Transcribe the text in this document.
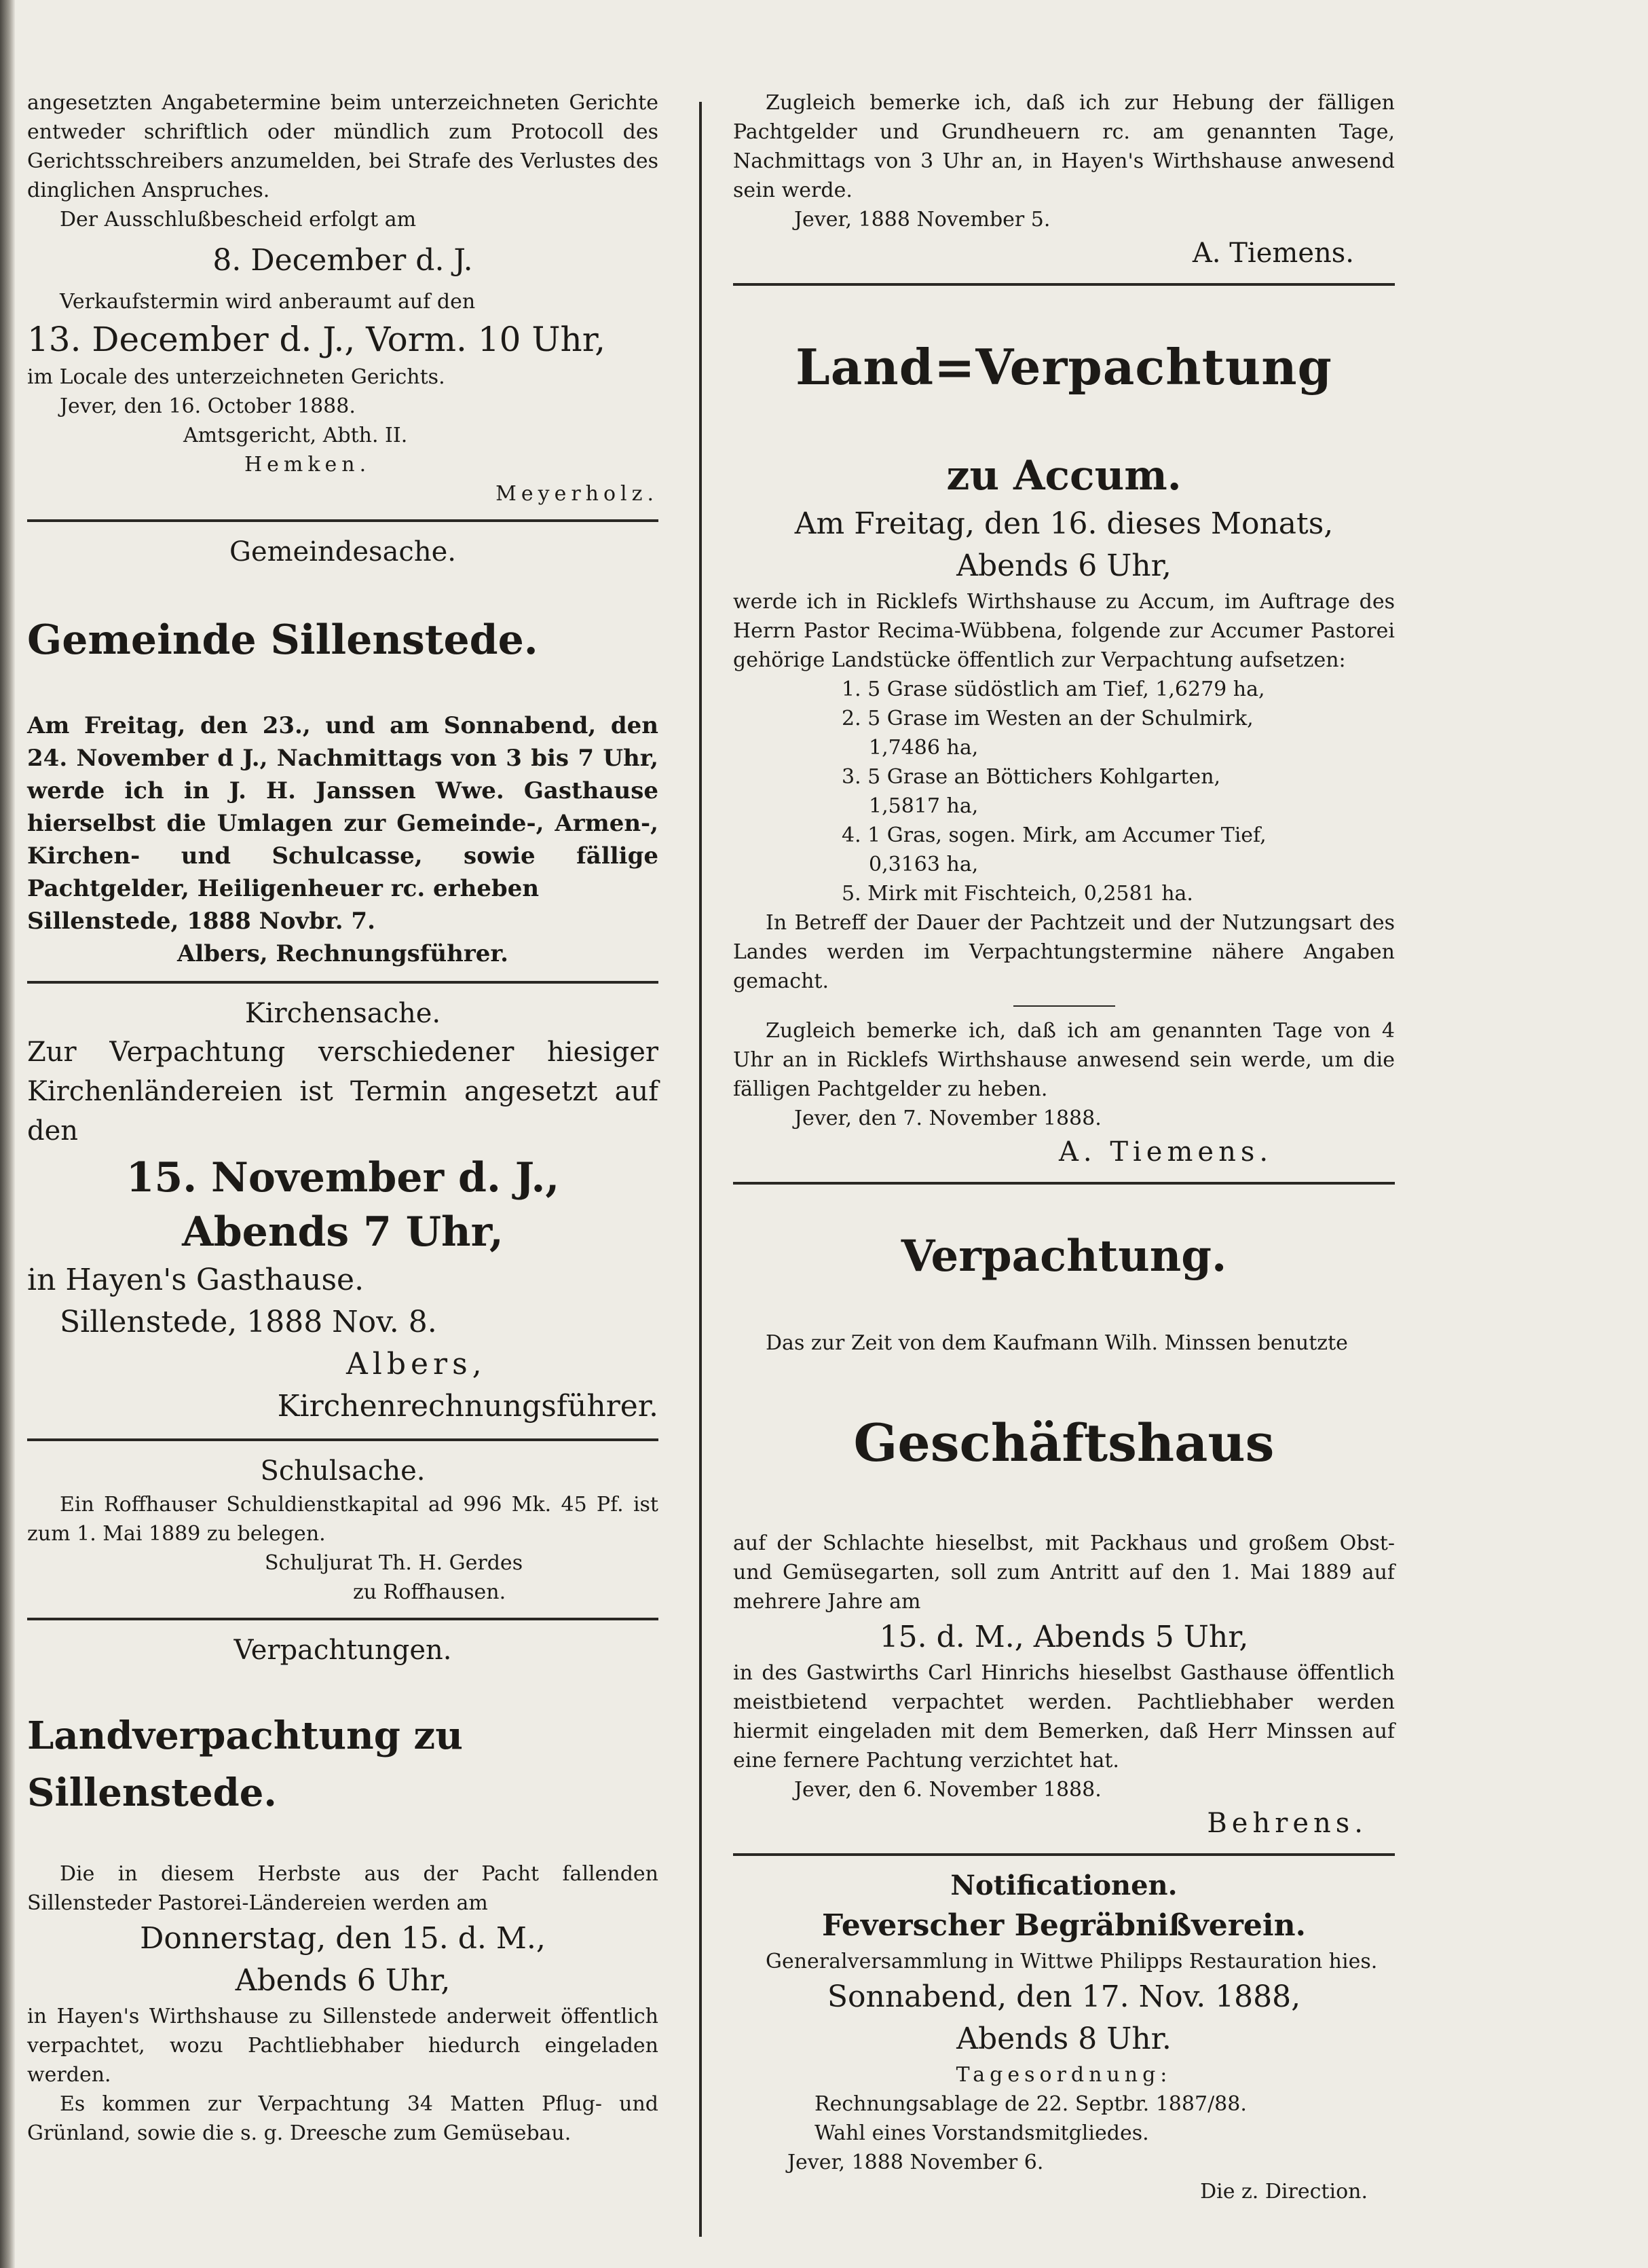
angesetzten Angabetermine beim unterzeichneten Gerichte entweder schriftlich oder mündlich zum Protocoll des Gerichtsschreibers anzumelden, bei Strafe des Verlustes des dinglichen Anspruches.

Der Ausschlußbescheid erfolgt am

8. December d. J.

Verkaufstermin wird anberaumt auf den

13. December d. J., Vorm. 10 Uhr,

im Locale des unterzeichneten Gerichts.

Jever, den 16. October 1888.

Amtsgericht, Abth. II.

Hemken.

Meyerholz.

Gemeindesache.

Gemeinde Sillenstede.

Am Freitag, den 23., und am Sonnabend, den 24. November d J., Nachmittags von 3 bis 7 Uhr, werde ich in J. H. Janssen Wwe. Gasthause hierselbst die Umlagen zur Gemeinde-, Armen-, Kirchen- und Schulcasse, sowie fällige Pachtgelder, Heiligenheuer rc. erheben

Sillenstede, 1888 Novbr. 7.

Albers, Rechnungsführer.

Kirchensache.

Zur Verpachtung verschiedener hiesiger Kirchenländereien ist Termin angesetzt auf den

15. November d. J.,

Abends 7 Uhr,

in Hayen's Gasthause.

Sillenstede, 1888 Nov. 8.

Albers,

Kirchenrechnungsführer.

Schulsache.

Ein Roffhauser Schuldienstkapital ad 996 Mk. 45 Pf. ist zum 1. Mai 1889 zu belegen.

Schuljurat Th. H. Gerdes

zu Roffhausen.

Verpachtungen.

Landverpachtung zu Sillenstede.

Die in diesem Herbste aus der Pacht fallenden Sillensteder Pastorei-Ländereien werden am

Donnerstag, den 15. d. M.,

Abends 6 Uhr,

in Hayen's Wirthshause zu Sillenstede anderweit öffentlich verpachtet, wozu Pachtliebhaber hiedurch eingeladen werden.

Es kommen zur Verpachtung 34 Matten Pflug- und Grünland, sowie die s. g. Dreesche zum Gemüsebau.

Zugleich bemerke ich, daß ich zur Hebung der fälligen Pachtgelder und Grundheuern rc. am genannten Tage, Nachmittags von 3 Uhr an, in Hayen's Wirthshause anwesend sein werde.

Jever, 1888 November 5.

A. Tiemens.

Land=Verpachtung

zu Accum.

Am Freitag, den 16. dieses Monats,

Abends 6 Uhr,

werde ich in Ricklefs Wirthshause zu Accum, im Auftrage des Herrn Pastor Recima-Wübbena, folgende zur Accumer Pastorei gehörige Landstücke öffentlich zur Verpachtung aufsetzen:

1. 5 Grase südöstlich am Tief, 1,6279 ha,

2. 5 Grase im Westen an der Schulmirk,

1,7486 ha,

3. 5 Grase an Böttichers Kohlgarten,

1,5817 ha,

4. 1 Gras, sogen. Mirk, am Accumer Tief,

0,3163 ha,

5. Mirk mit Fischteich, 0,2581 ha.

In Betreff der Dauer der Pachtzeit und der Nutzungsart des Landes werden im Verpachtungstermine nähere Angaben gemacht.

Zugleich bemerke ich, daß ich am genannten Tage von 4 Uhr an in Ricklefs Wirthshause anwesend sein werde, um die fälligen Pachtgelder zu heben.

Jever, den 7. November 1888.

A. Tiemens.

Verpachtung.

Das zur Zeit von dem Kaufmann Wilh. Minssen benutzte

Geschäftshaus

auf der Schlachte hieselbst, mit Packhaus und großem Obst- und Gemüsegarten, soll zum Antritt auf den 1. Mai 1889 auf mehrere Jahre am

15. d. M., Abends 5 Uhr,

in des Gastwirths Carl Hinrichs hieselbst Gasthause öffentlich meistbietend verpachtet werden. Pachtliebhaber werden hiermit eingeladen mit dem Bemerken, daß Herr Minssen auf eine fernere Pachtung verzichtet hat.

Jever, den 6. November 1888.

Behrens.

Notificationen.

Feverscher Begräbnißverein.

Generalversammlung in Wittwe Philipps Restauration hies.

Sonnabend, den 17. Nov. 1888,

Abends 8 Uhr.

Tagesordnung:

Rechnungsablage de 22. Septbr. 1887/88.

Wahl eines Vorstandsmitgliedes.

Jever, 1888 November 6.

Die z. Direction.
